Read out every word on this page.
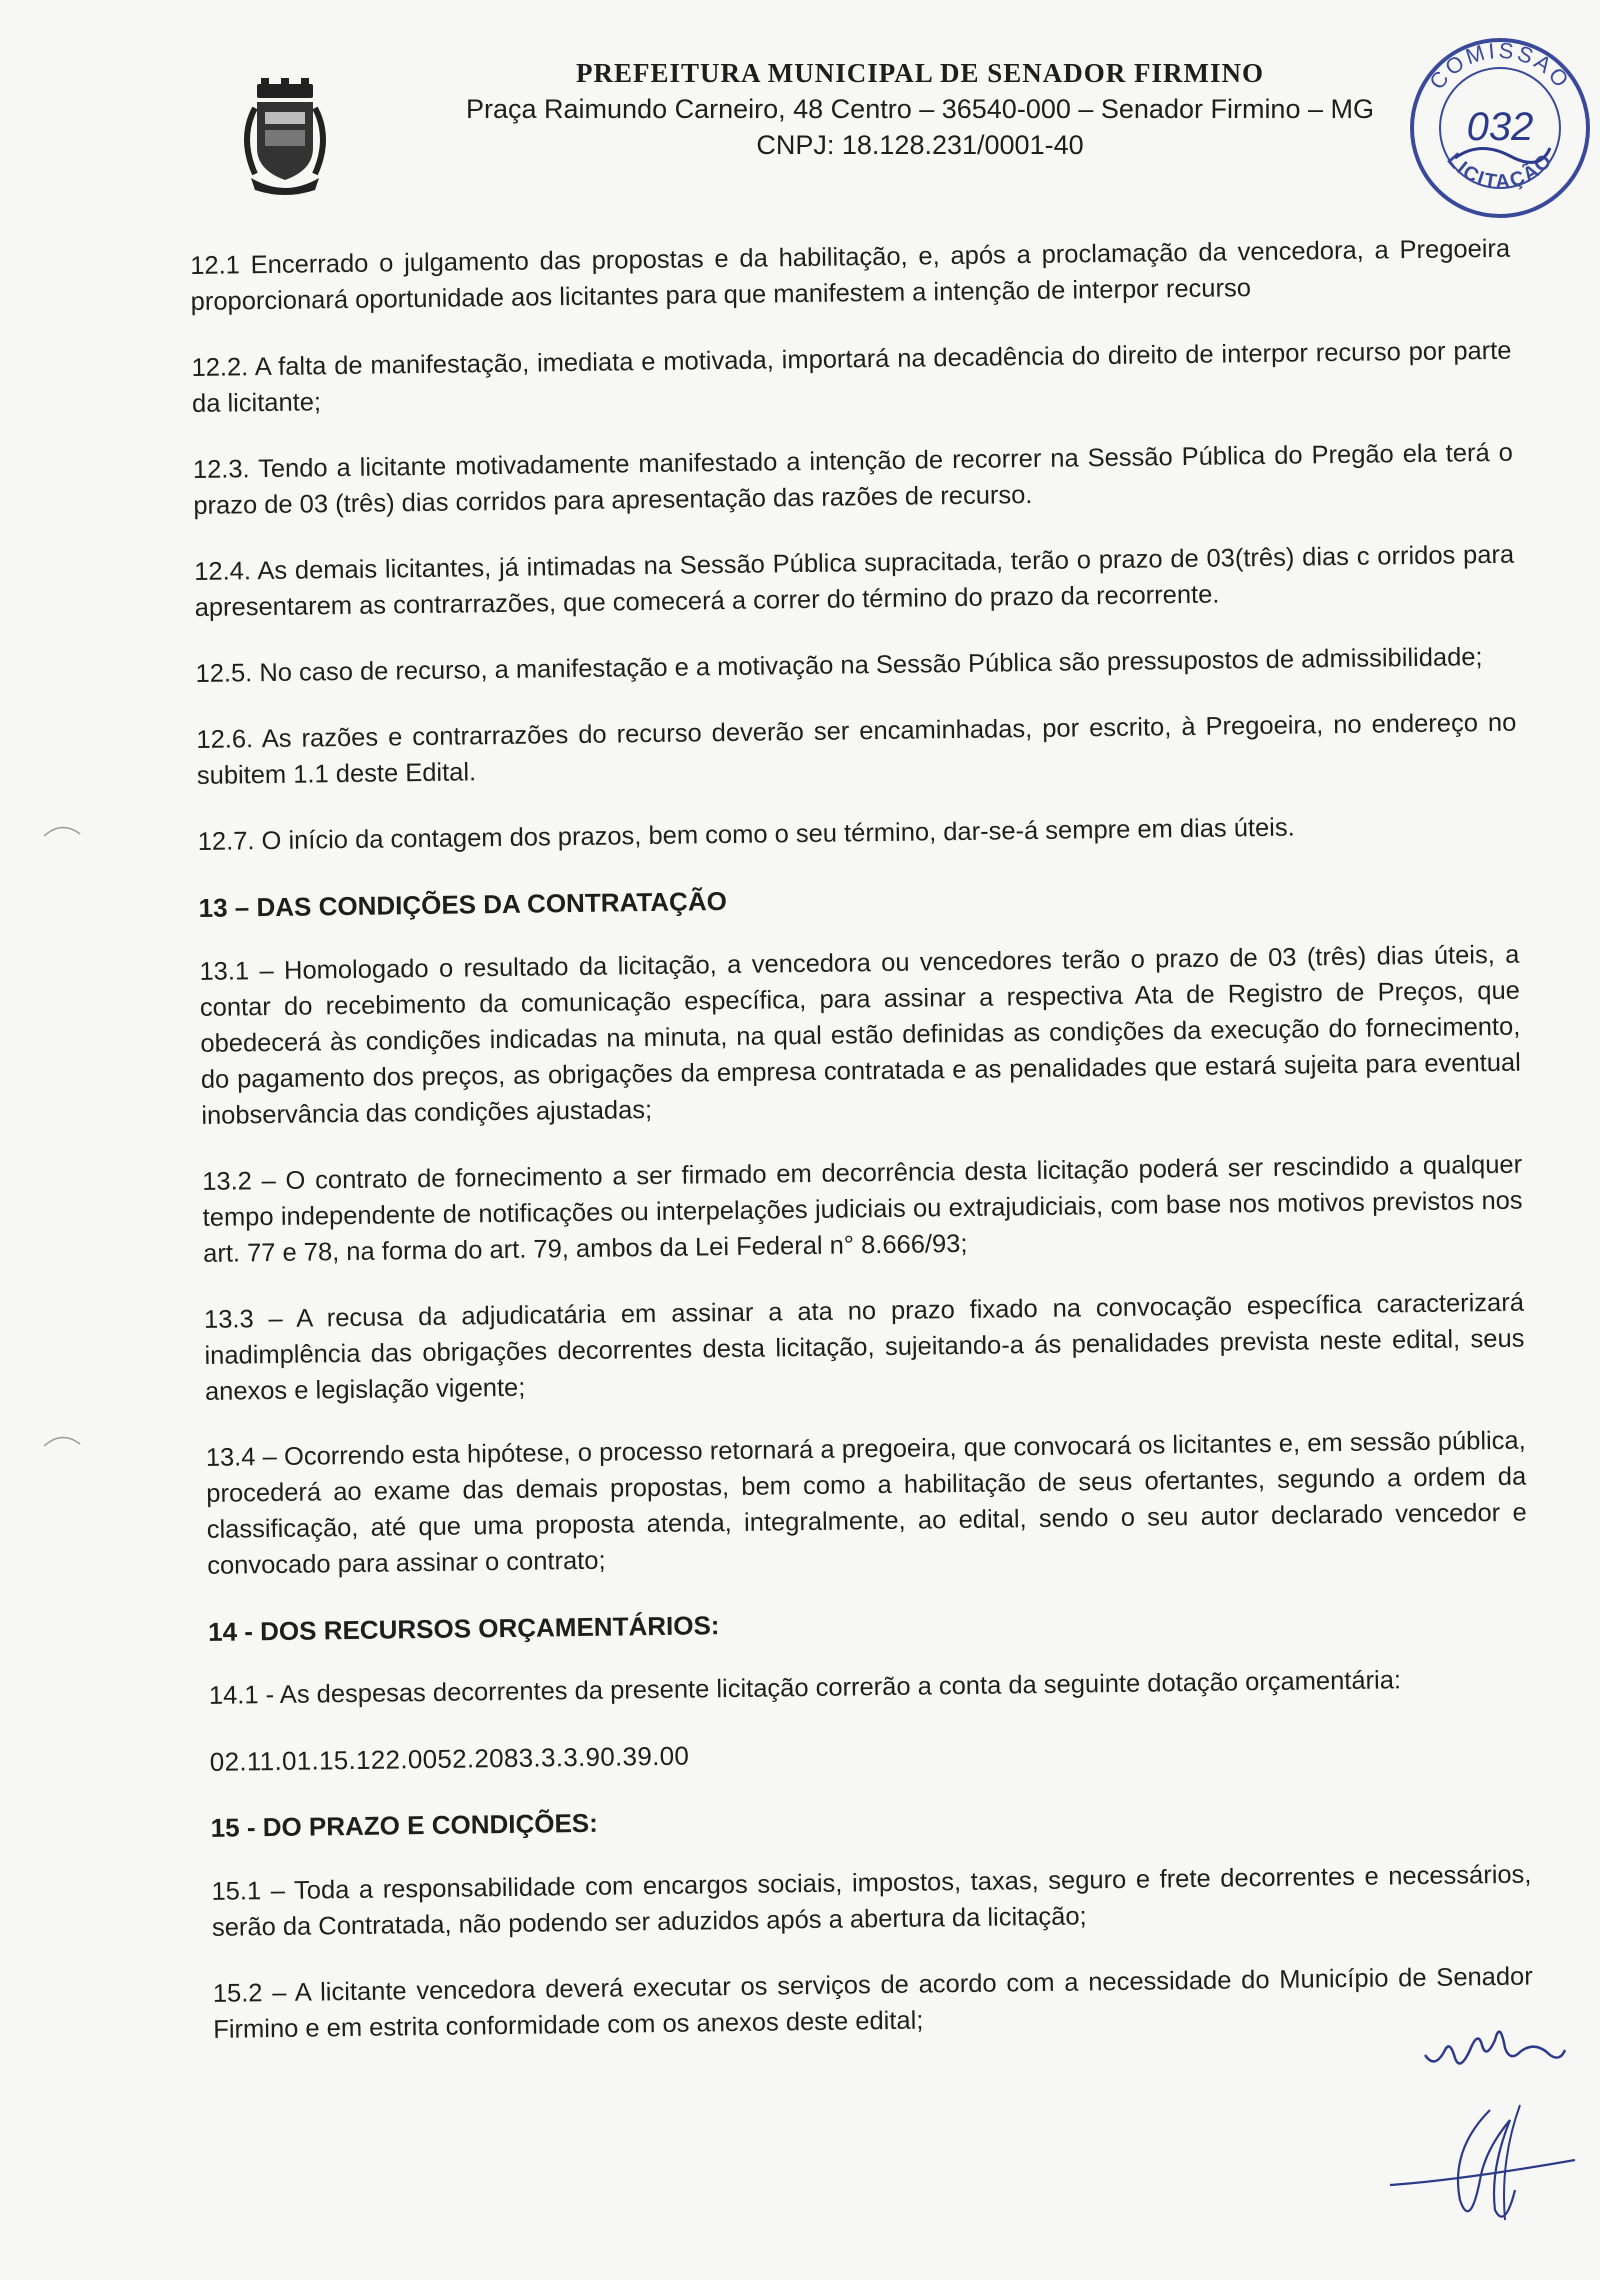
PREFEITURA MUNICIPAL DE SENADOR FIRMINO
Praça Raimundo Carneiro, 48 Centro – 36540-000 – Senador Firmino – MG
CNPJ: 18.128.231/0001-40
COMISSÃO
032
LICITAÇÃO

12.1 Encerrado o julgamento das propostas e da habilitação, e, após a proclamação da vencedora, a Pregoeira proporcionará oportunidade aos licitantes para que manifestem a intenção de interpor recurso

12.2. A falta de manifestação, imediata e motivada, importará na decadência do direito de interpor recurso por parte da licitante;

12.3. Tendo a licitante motivadamente manifestado a intenção de recorrer na Sessão Pública do Pregão ela terá o prazo de 03 (três) dias corridos para apresentação das razões de recurso.

12.4. As demais licitantes, já intimadas na Sessão Pública supracitada, terão o prazo de 03(três) dias c orridos para apresentarem as contrarrazões, que comecerá a correr do término do prazo da recorrente.

12.5. No caso de recurso, a manifestação e a motivação na Sessão Pública são pressupostos de admissibilidade;

12.6. As razões e contrarrazões do recurso deverão ser encaminhadas, por escrito, à Pregoeira, no endereço no subitem 1.1 deste Edital.

12.7. O início da contagem dos prazos, bem como o seu término, dar-se-á sempre em dias úteis.

13 – DAS CONDIÇÕES DA CONTRATAÇÃO

13.1 – Homologado o resultado da licitação, a vencedora ou vencedores terão o prazo de 03 (três) dias úteis, a contar do recebimento da comunicação específica, para assinar a respectiva Ata de Registro de Preços, que obedecerá às condições indicadas na minuta, na qual estão definidas as condições da execução do fornecimento, do pagamento dos preços, as obrigações da empresa contratada e as penalidades que estará sujeita para eventual inobservância das condições ajustadas;

13.2 – O contrato de fornecimento a ser firmado em decorrência desta licitação poderá ser rescindido a qualquer tempo independente de notificações ou interpelações judiciais ou extrajudiciais, com base nos motivos previstos nos art. 77 e 78, na forma do art. 79, ambos da Lei Federal n° 8.666/93;

13.3 – A recusa da adjudicatária em assinar a ata no prazo fixado na convocação específica caracterizará inadimplência das obrigações decorrentes desta licitação, sujeitando-a ás penalidades prevista neste edital, seus anexos e legislação vigente;

13.4 – Ocorrendo esta hipótese, o processo retornará a pregoeira, que convocará os licitantes e, em sessão pública, procederá ao exame das demais propostas, bem como a habilitação de seus ofertantes, segundo a ordem da classificação, até que uma proposta atenda, integralmente, ao edital, sendo o seu autor declarado vencedor e convocado para assinar o contrato;

14 - DOS RECURSOS ORÇAMENTÁRIOS:

14.1 - As despesas decorrentes da presente licitação correrão a conta da seguinte dotação orçamentária:

02.11.01.15.122.0052.2083.3.3.90.39.00
15 - DO PRAZO E CONDIÇÕES:

15.1 – Toda a responsabilidade com encargos sociais, impostos, taxas, seguro e frete decorrentes e necessários, serão da Contratada, não podendo ser aduzidos após a abertura da licitação;

15.2 – A licitante vencedora deverá executar os serviços de acordo com a necessidade do Município de Senador Firmino e em estrita conformidade com os anexos deste edital;
